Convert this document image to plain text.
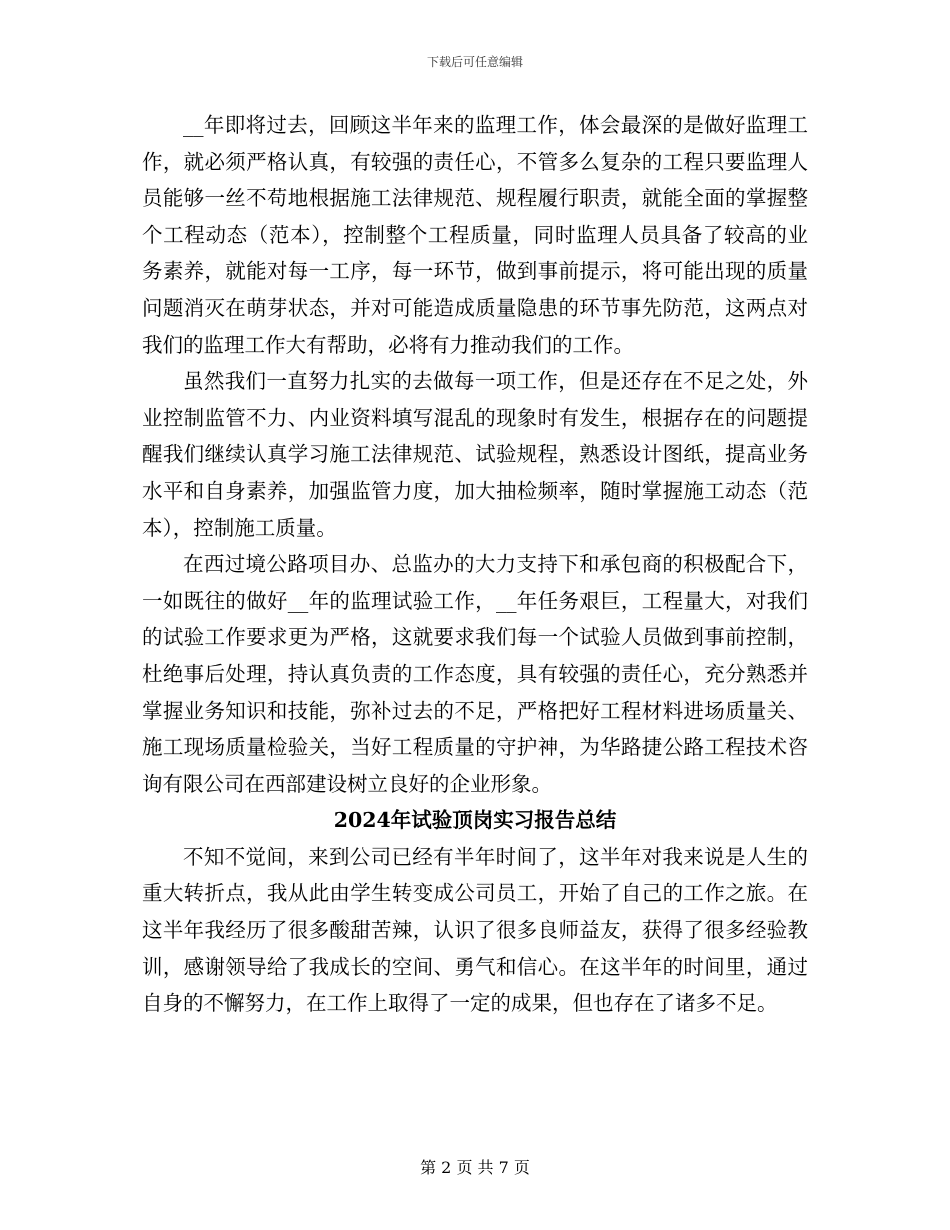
下载后可任意编辑

__年即将过去，回顾这半年来的监理工作，体会最深的是做好监理工作，就必须严格认真，有较强的责任心，不管多么复杂的工程只要监理人员能够一丝不苟地根据施工法律规范、规程履行职责，就能全面的掌握整个工程动态（范本），控制整个工程质量，同时监理人员具备了较高的业务素养，就能对每一工序，每一环节，做到事前提示，将可能出现的质量问题消灭在萌芽状态，并对可能造成质量隐患的环节事先防范，这两点对我们的监理工作大有帮助，必将有力推动我们的工作。

虽然我们一直努力扎实的去做每一项工作，但是还存在不足之处，外业控制监管不力、内业资料填写混乱的现象时有发生，根据存在的问题提醒我们继续认真学习施工法律规范、试验规程，熟悉设计图纸，提高业务水平和自身素养，加强监管力度，加大抽检频率，随时掌握施工动态（范本），控制施工质量。

在西过境公路项目办、总监办的大力支持下和承包商的积极配合下，一如既往的做好__年的监理试验工作，__年任务艰巨，工程量大，对我们的试验工作要求更为严格，这就要求我们每一个试验人员做到事前控制，杜绝事后处理，持认真负责的工作态度，具有较强的责任心，充分熟悉并掌握业务知识和技能，弥补过去的不足，严格把好工程材料进场质量关、施工现场质量检验关，当好工程质量的守护神，为华路捷公路工程技术咨询有限公司在西部建设树立良好的企业形象。

2024年试验顶岗实习报告总结

不知不觉间，来到公司已经有半年时间了，这半年对我来说是人生的重大转折点，我从此由学生转变成公司员工，开始了自己的工作之旅。在这半年我经历了很多酸甜苦辣，认识了很多良师益友，获得了很多经验教训，感谢领导给了我成长的空间、勇气和信心。在这半年的时间里，通过自身的不懈努力，在工作上取得了一定的成果，但也存在了诸多不足。

第 2 页 共 7 页
